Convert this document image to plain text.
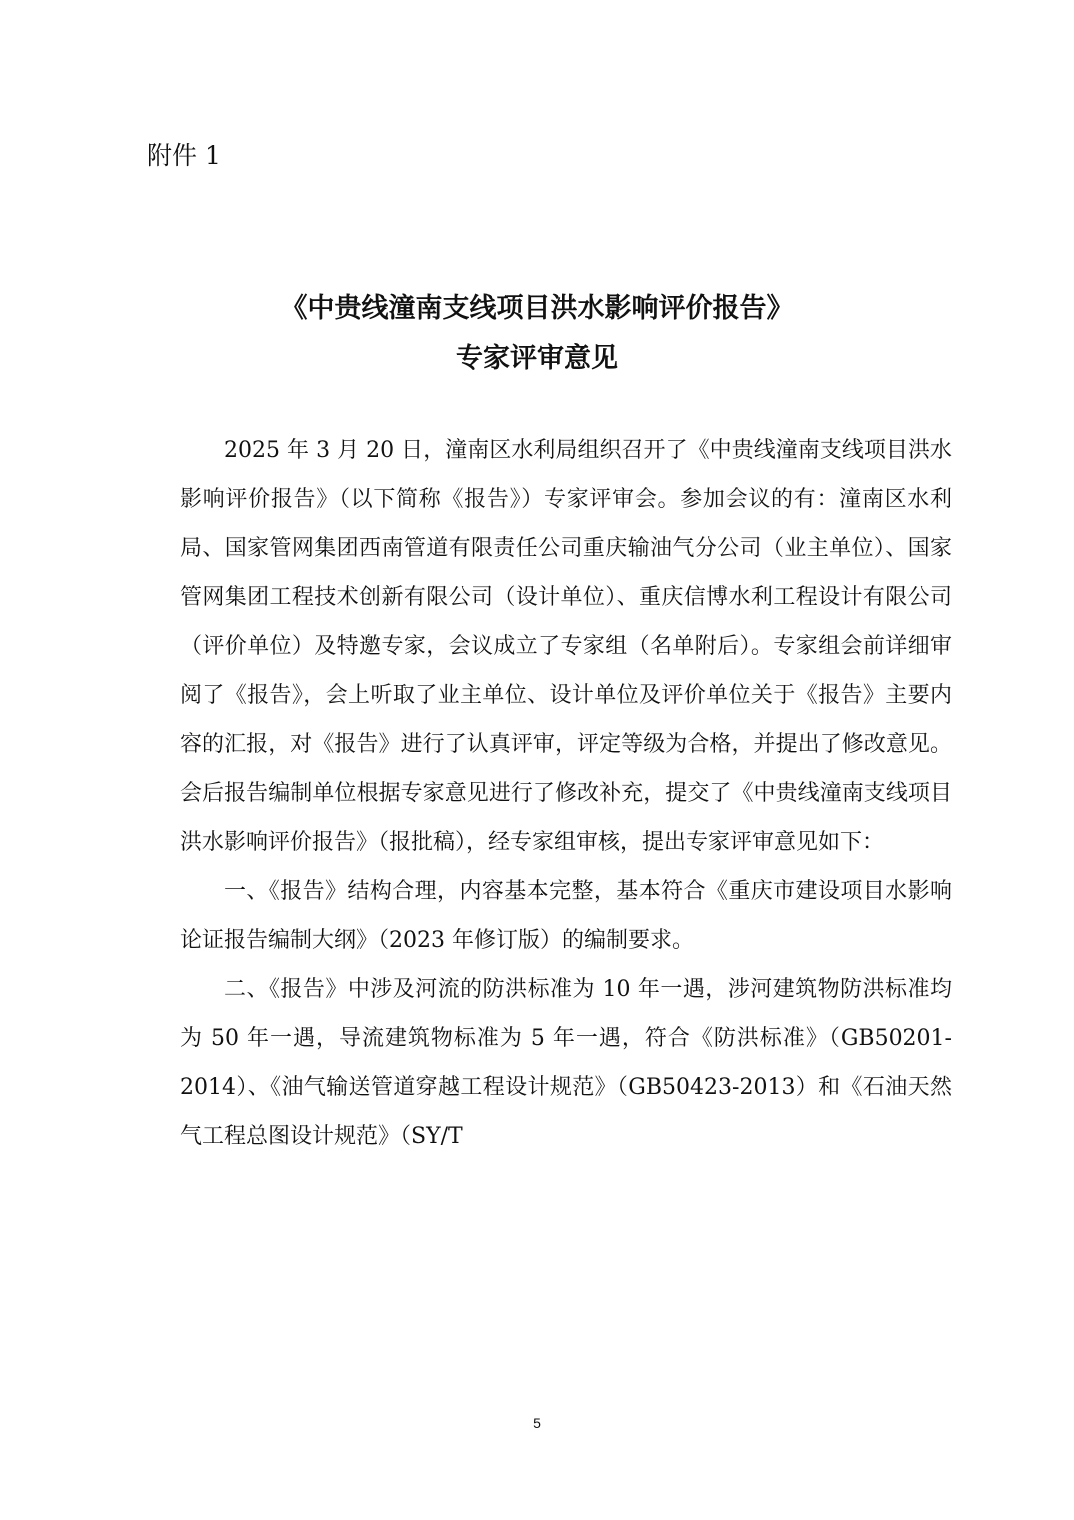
附件 1

《中贵线潼南支线项目洪水影响评价报告》
专家评审意见

2025 年 3 月 20 日，潼南区水利局组织召开了《中贵线潼南支线项目洪水影响评价报告》（以下简称《报告》）专家评审会。参加会议的有：潼南区水利局、国家管网集团西南管道有限责任公司重庆输油气分公司（业主单位）、国家管网集团工程技术创新有限公司（设计单位）、重庆信博水利工程设计有限公司（评价单位）及特邀专家，会议成立了专家组（名单附后）。专家组会前详细审阅了《报告》，会上听取了业主单位、设计单位及评价单位关于《报告》主要内容的汇报，对《报告》进行了认真评审，评定等级为合格，并提出了修改意见。会后报告编制单位根据专家意见进行了修改补充，提交了《中贵线潼南支线项目洪水影响评价报告》（报批稿），经专家组审核，提出专家评审意见如下：

一、《报告》结构合理，内容基本完整，基本符合《重庆市建设项目水影响论证报告编制大纲》（2023 年修订版）的编制要求。

二、《报告》中涉及河流的防洪标准为 10 年一遇，涉河建筑物防洪标准均为 50 年一遇，导流建筑物标准为 5 年一遇，符合《防洪标准》（GB50201-2014）、《油气输送管道穿越工程设计规范》（GB50423-2013）和《石油天然气工程总图设计规范》（SY/T

5
